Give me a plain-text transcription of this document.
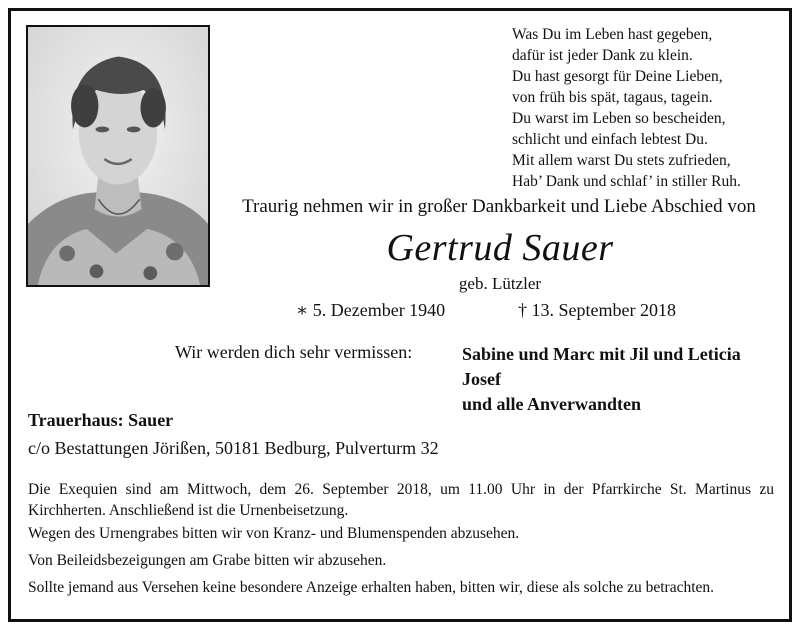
Was Du im Leben hast gegeben,
dafür ist jeder Dank zu klein.
Du hast gesorgt für Deine Lieben,
von früh bis spät, tagaus, tagein.
Du warst im Leben so bescheiden,
schlicht und einfach lebtest Du.
Mit allem warst Du stets zufrieden,
Hab’ Dank und schlaf’ in stiller Ruh.
Traurig nehmen wir in großer Dankbarkeit und Liebe Abschied von
Gertrud Sauer
geb. Lützler
∗ 5. Dezember 1940	† 13. September 2018
Wir werden dich sehr vermissen:	Sabine und Marc mit Jil und Leticia
Josef
und alle Anverwandten
Trauerhaus: Sauer
c/o Bestattungen Jörißen, 50181 Bedburg, Pulverturm 32

Die Exequien sind am Mittwoch, dem 26. September 2018, um 11.00 Uhr in der Pfarrkirche St. Martinus zu Kirchherten. Anschließend ist die Urnenbeisetzung.

Wegen des Urnengrabes bitten wir von Kranz- und Blumenspenden abzusehen.

Von Beileidsbezeigungen am Grabe bitten wir abzusehen.

Sollte jemand aus Versehen keine besondere Anzeige erhalten haben, bitten wir, diese als solche zu betrachten.
